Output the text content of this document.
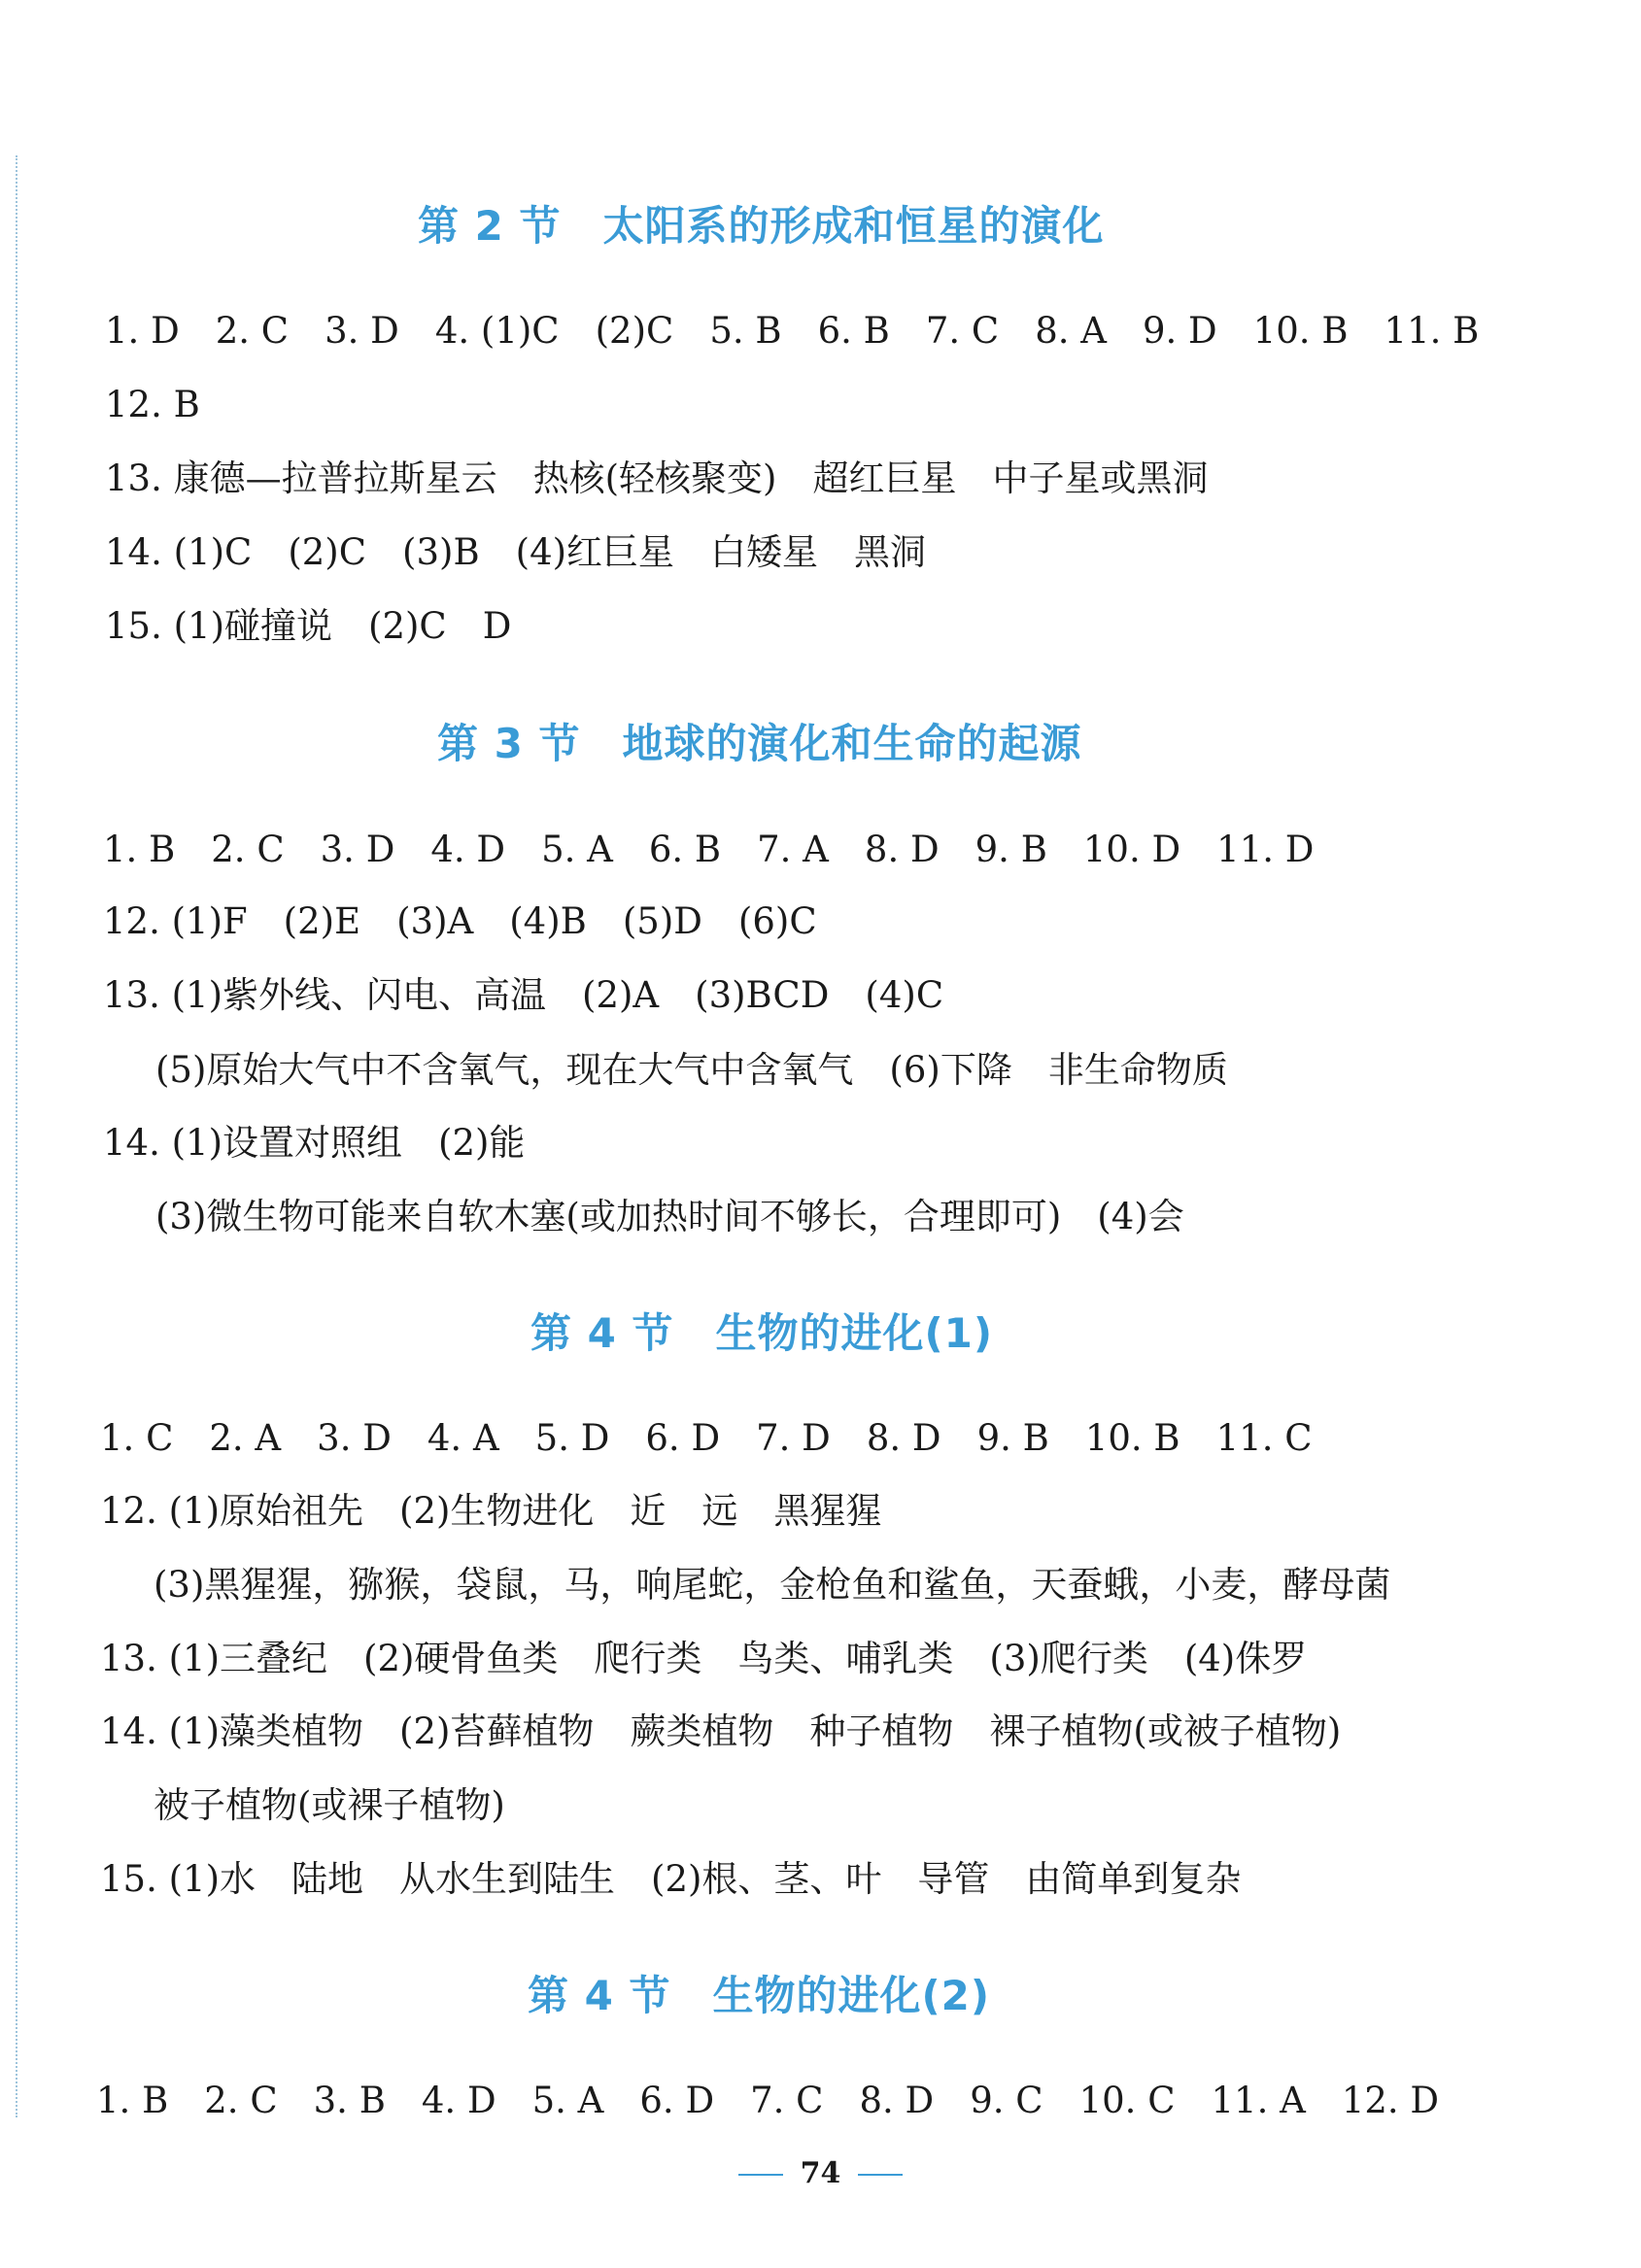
第 2 节　太阳系的形成和恒星的演化
1. D　2. C　3. D　4. (1)C　(2)C　5. B　6. B　7. C　8. A　9. D　10. B　11. B
12. B
13. 康德—拉普拉斯星云　热核(轻核聚变)　超红巨星　中子星或黑洞
14. (1)C　(2)C　(3)B　(4)红巨星　白矮星　黑洞
15. (1)碰撞说　(2)C　D
第 3 节　地球的演化和生命的起源
1. B　2. C　3. D　4. D　5. A　6. B　7. A　8. D　9. B　10. D　11. D
12. (1)F　(2)E　(3)A　(4)B　(5)D　(6)C
13. (1)紫外线、闪电、高温　(2)A　(3)BCD　(4)C
(5)原始大气中不含氧气，现在大气中含氧气　(6)下降　非生命物质
14. (1)设置对照组　(2)能
(3)微生物可能来自软木塞(或加热时间不够长，合理即可)　(4)会
第 4 节　生物的进化(1)
1. C　2. A　3. D　4. A　5. D　6. D　7. D　8. D　9. B　10. B　11. C
12. (1)原始祖先　(2)生物进化　近　远　黑猩猩
(3)黑猩猩，猕猴，袋鼠，马，响尾蛇，金枪鱼和鲨鱼，天蚕蛾，小麦，酵母菌
13. (1)三叠纪　(2)硬骨鱼类　爬行类　鸟类、哺乳类　(3)爬行类　(4)侏罗
14. (1)藻类植物　(2)苔藓植物　蕨类植物　种子植物　裸子植物(或被子植物)
被子植物(或裸子植物)
15. (1)水　陆地　从水生到陆生　(2)根、茎、叶　导管　由简单到复杂
第 4 节　生物的进化(2)
1. B　2. C　3. B　4. D　5. A　6. D　7. C　8. D　9. C　10. C　11. A　12. D
74
